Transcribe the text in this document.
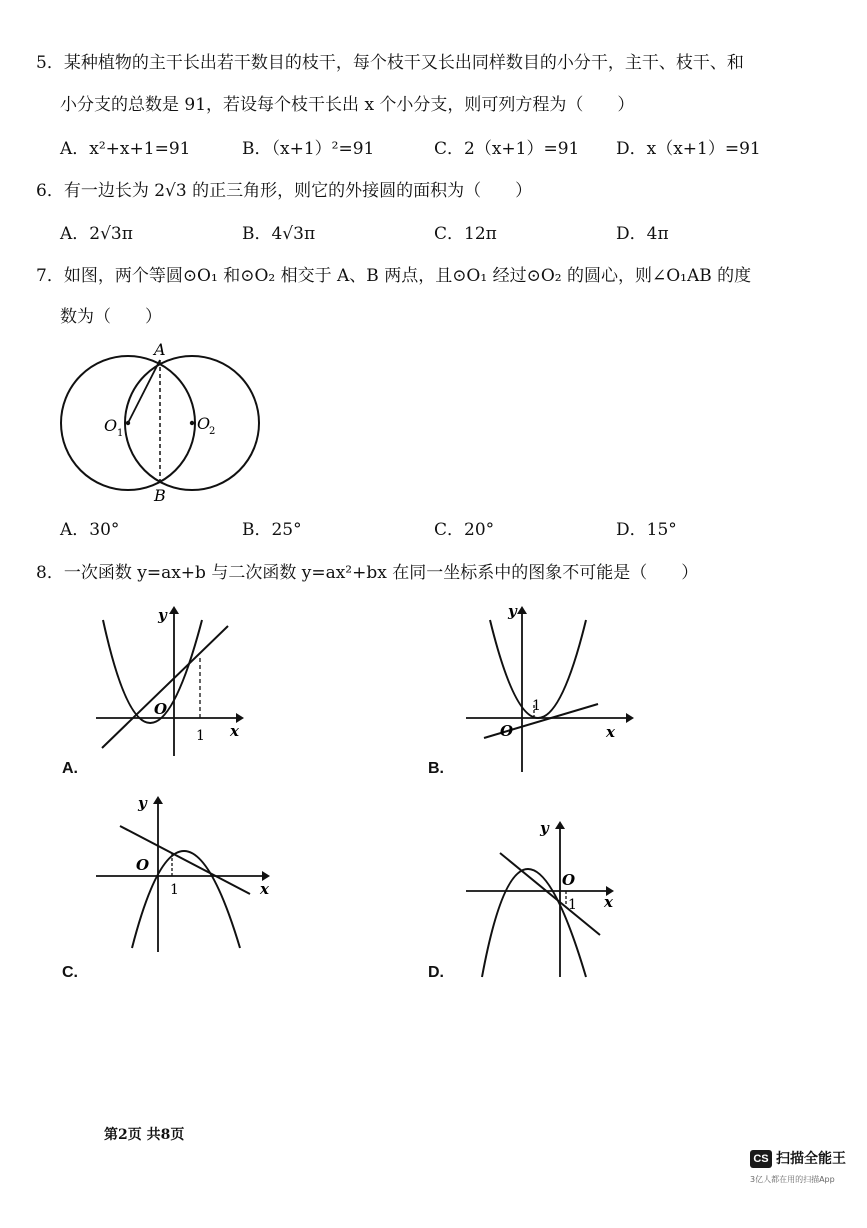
5．某种植物的主干长出若干数目的枝干，每个枝干又长出同样数目的小分干，主干、枝干、和
小分支的总数是 91，若设每个枝干长出 x 个小分支，则可列方程为（　　）
A．x²+x+1=91	B．（x+1）²=91	C．2（x+1）=91 D．x（x+1）=91
6．有一边长为 2√3 的正三角形，则它的外接圆的面积为（　　）
A．2√3π	B．4√3π	C．12π	D．4π
7．如图，两个等圆⊙O₁ 和⊙O₂ 相交于 A、B 两点，且⊙O₁ 经过⊙O₂ 的圆心，则∠O₁AB 的度
数为（　　）
A
B
O 1
O
2
A．30°	B．25°	C．20°	D．15°
8．一次函数 y=ax+b 与二次函数 y=ax²+bx 在同一坐标系中的图象不可能是（　　）
y
x
O
1
A.
y
x
O
1
B.
y
x
O
1
C.
y
x
O
1
D.
第2页 共8页
CS 扫描全能王
3亿人都在用的扫描App
